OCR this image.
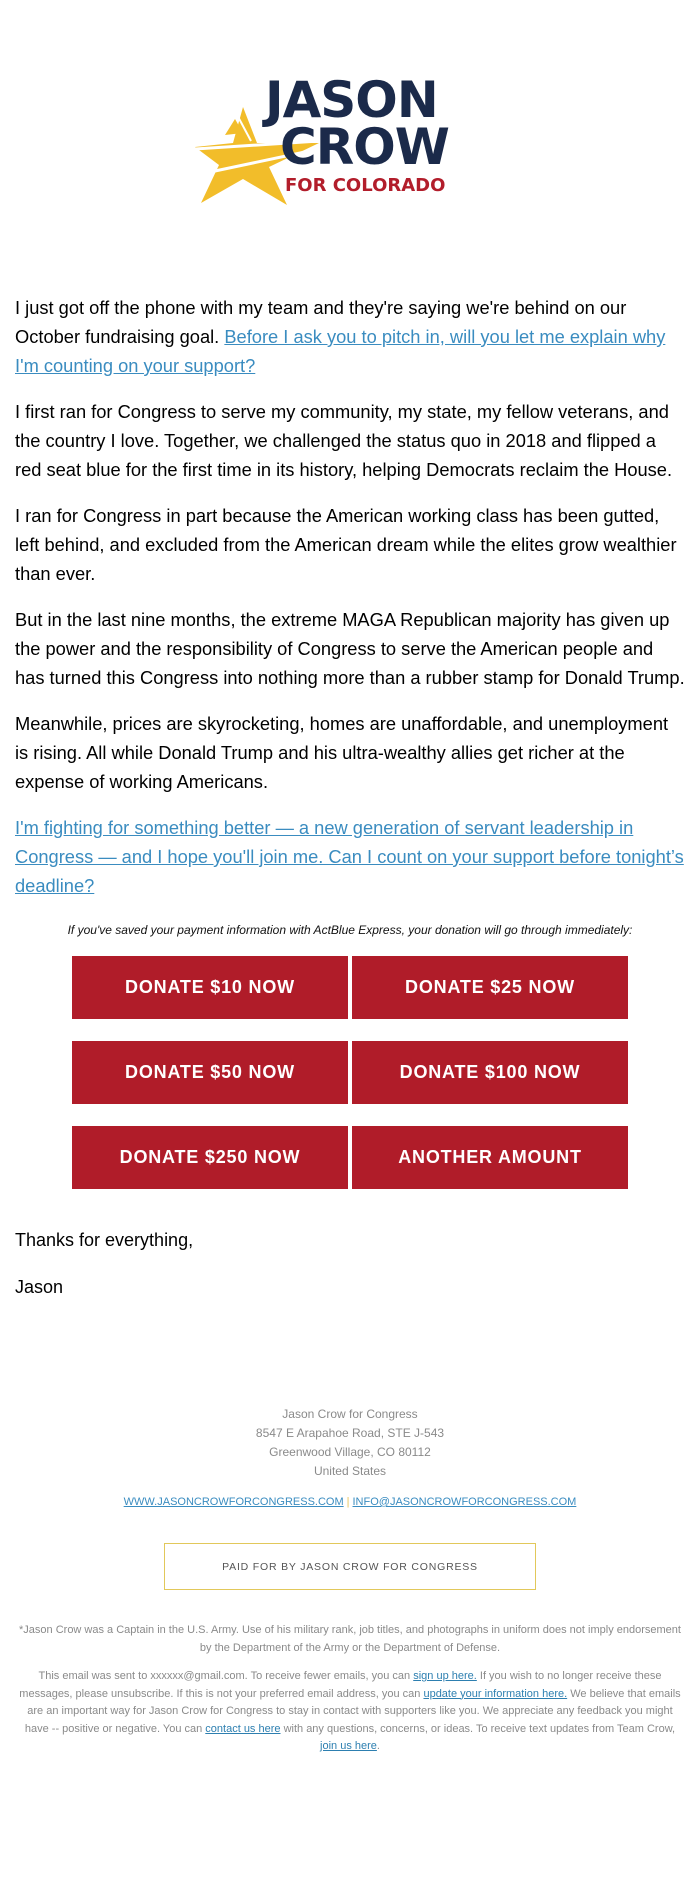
JASON
CROW
FOR COLORADO

I just got off the phone with my team and they're saying we're behind on our October fundraising goal. Before I ask you to pitch in, will you let me explain why I'm counting on your support?

I first ran for Congress to serve my community, my state, my fellow veterans, and the country I love. Together, we challenged the status quo in 2018 and flipped a red seat blue for the first time in its history, helping Democrats reclaim the House.

I ran for Congress in part because the American working class has been gutted, left behind, and excluded from the American dream while the elites grow wealthier than ever.

But in the last nine months, the extreme MAGA Republican majority has given up the power and the responsibility of Congress to serve the American people and has turned this Congress into nothing more than a rubber stamp for Donald Trump.

Meanwhile, prices are skyrocketing, homes are unaffordable, and unemployment is rising. All while Donald Trump and his ultra-wealthy allies get richer at the expense of working Americans.

I'm fighting for something better — a new generation of servant leadership in Congress — and I hope you'll join me. Can I count on your support before tonight’s deadline?

If you've saved your payment information with ActBlue Express, your donation will go through immediately:
DONATE $10 NOW	DONATE $25 NOW
DONATE $50 NOW	DONATE $100 NOW
DONATE $250 NOW	ANOTHER AMOUNT

Thanks for everything,

Jason

Jason Crow for Congress
8547 E Arapahoe Road, STE J-543
Greenwood Village, CO 80112
United States
WWW.JASONCROWFORCONGRESS.COM | INFO@JASONCROWFORCONGRESS.COM
PAID FOR BY JASON CROW FOR CONGRESS
*Jason Crow was a Captain in the U.S. Army. Use of his military rank, job titles, and photographs in uniform does not imply endorsement by the Department of the Army or the Department of Defense.
This email was sent to xxxxxx@gmail.com. To receive fewer emails, you can sign up here. If you wish to no longer receive these messages, please unsubscribe. If this is not your preferred email address, you can update your information here. We believe that emails are an important way for Jason Crow for Congress to stay in contact with supporters like you. We appreciate any feedback you might have -- positive or negative. You can contact us here with any questions, concerns, or ideas. To receive text updates from Team Crow, join us here.
